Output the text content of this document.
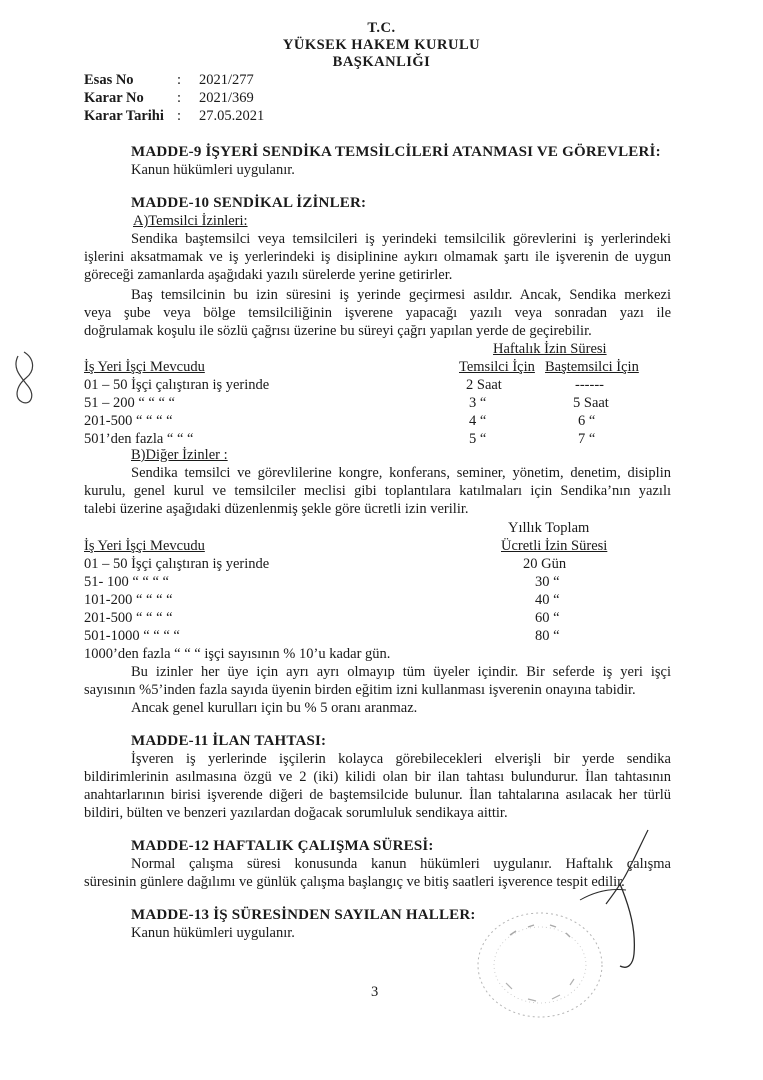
T.C.
YÜKSEK HAKEM KURULU
BAŞKANLIĞI
Esas No	: 2021/277
Karar No : 2021/369
Karar Tarihi : 27.05.2021
MADDE-9 İŞYERİ SENDİKA TEMSİLCİLERİ ATANMASI VE GÖREVLERİ:
Kanun hükümleri uygulanır.
MADDE-10 SENDİKAL İZİNLER:
A)Temsilci İzinleri:
Sendika baştemsilci veya temsilcileri iş yerindeki temsilcilik görevlerini iş yerlerindeki
işlerini aksatmamak ve iş yerlerindeki iş disiplinine aykırı olmamak şartı ile işverenin de uygun
göreceği zamanlarda aşağıdaki yazılı sürelerde yerine getirirler.
Baş temsilcinin bu izin süresini iş yerinde geçirmesi asıldır. Ancak, Sendika merkezi
veya şube veya bölge temsilciliğinin işverene yapacağı yazılı veya sonradan yazı ile
doğrulamak koşulu ile sözlü çağrısı üzerine bu süreyi çağrı yapılan yerde de geçirebilir.
Haftalık İzin Süresi
İş Yeri İşçi Mevcudu	Temsilci İçin Baştemsilci İçin
01 – 50 İşçi çalıştıran iş yerinde	2 Saat	------
51 – 200 “ “ “ “	3 “	5 Saat
201-500 “ “ “ “	4 “	6 “
501’den fazla “ “ “	5 “	7 “
B)Diğer İzinler :
Sendika temsilci ve görevlilerine kongre, konferans, seminer, yönetim, denetim, disiplin
kurulu, genel kurul ve temsilciler meclisi gibi toplantılara katılmaları için Sendika’nın yazılı
talebi üzerine aşağıdaki düzenlenmiş şekle göre ücretli izin verilir.
Yıllık Toplam
İş Yeri İşçi Mevcudu	Ücretli İzin Süresi
01 – 50 İşçi çalıştıran iş yerinde	20 Gün
51- 100 “ “ “ “	30 “
101-200 “ “ “ “	40 “
201-500 “ “ “ “	60 “
501-1000 “ “ “ “	80 “
1000’den fazla “ “ “ işçi sayısının % 10’u kadar gün.
Bu izinler her üye için ayrı ayrı olmayıp tüm üyeler içindir. Bir seferde iş yeri işçi
sayısının %5’inden fazla sayıda üyenin birden eğitim izni kullanması işverenin onayına tabidir.
Ancak genel kurulları için bu % 5 oranı aranmaz.
MADDE-11 İLAN TAHTASI:
İşveren iş yerlerinde işçilerin kolayca görebilecekleri elverişli bir yerde sendika
bildirimlerinin asılmasına özgü ve 2 (iki) kilidi olan bir ilan tahtası bulundurur. İlan tahtasının
anahtarlarının birisi işverende diğeri de baştemsilcide bulunur. İlan tahtalarına asılacak her türlü
bildiri, bülten ve benzeri yazılardan doğacak sorumluluk sendikaya aittir.
MADDE-12 HAFTALIK ÇALIŞMA SÜRESİ:
Normal çalışma süresi konusunda kanun hükümleri uygulanır. Haftalık çalışma
süresinin günlere dağılımı ve günlük çalışma başlangıç ve bitiş saatleri işverence tespit edilir.
MADDE-13 İŞ SÜRESİNDEN SAYILAN HALLER:
Kanun hükümleri uygulanır.
3
